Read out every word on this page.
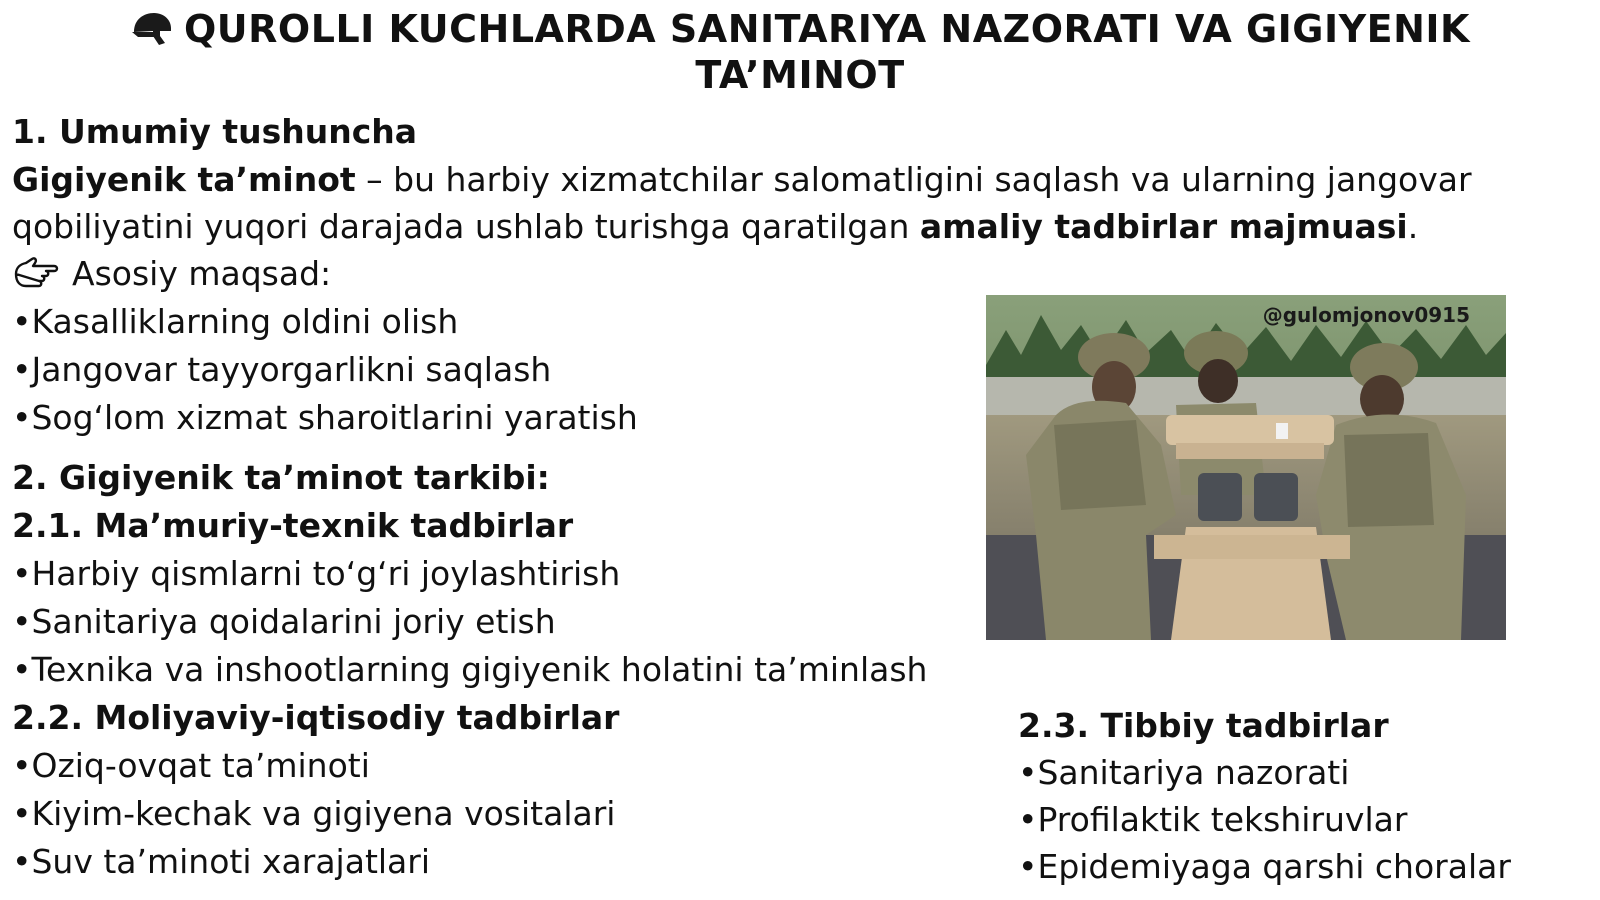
QUROLLI KUCHLARDA SANITARIYA NAZORATI VA GIGIYENIK
TA’MINOT
1. Umumiy tushuncha
Gigiyenik ta’minot – bu harbiy xizmatchilar salomatligini saqlash va ularning jangovar qobiliyatini yuqori darajada ushlab turishga qaratilgan amaliy tadbirlar majmuasi.
Asosiy maqsad:
•Kasalliklarning oldini olish
•Jangovar tayyorgarlikni saqlash
•Sog‘lom xizmat sharoitlarini yaratish
2. Gigiyenik ta’minot tarkibi:
2.1. Ma’muriy-texnik tadbirlar
•Harbiy qismlarni to‘g‘ri joylashtirish
•Sanitariya qoidalarini joriy etish
•Texnika va inshootlarning gigiyenik holatini ta’minlash
2.2. Moliyaviy-iqtisodiy tadbirlar
•Oziq-ovqat ta’minoti
•Kiyim-kechak va gigiyena vositalari
•Suv ta’minoti xarajatlari
@gulomjonov0915
2.3. Tibbiy tadbirlar
•Sanitariya nazorati
•Profilaktik tekshiruvlar
•Epidemiyaga qarshi choralar
